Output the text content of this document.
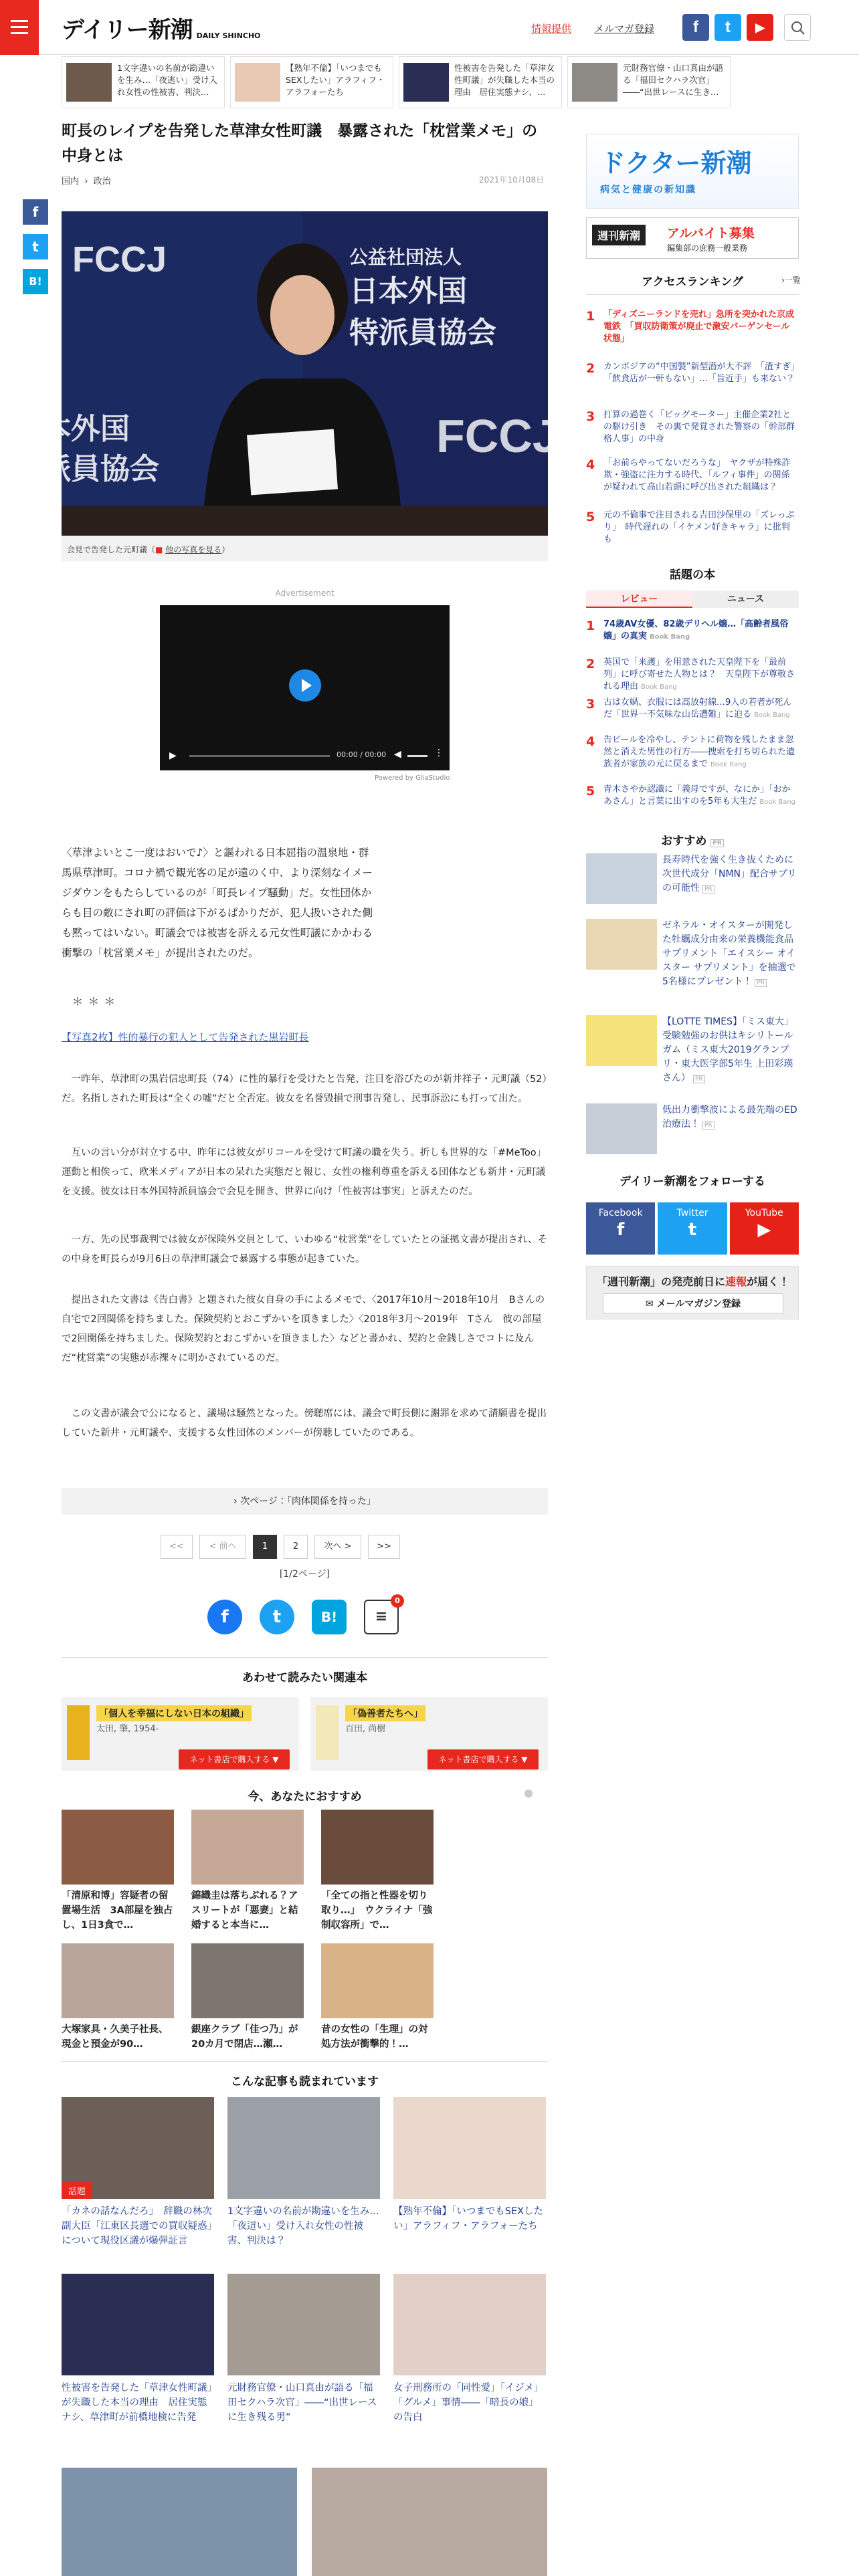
デイリー新潮 DAILY SHINCHO
情報提供 メルマガ登録	f	t	▶
1文字違いの名前が勘違いを生み…「夜逃い」受け入れ女性の性被害、判決…
【熟年不倫】「いつまでもSEXしたい」アラフィフ・アラフォーたち
性被害を告発した「草津女性町議」が失職した本当の理由　居住実態ナシ、…
元財務官僚・山口真由が語る「福田セクハラ次官」――“出世レースに生き…
町長のレイプを告発した草津女性町議　暴露された「枕営業メモ」の中身とは
国内  ›  政治	2021年10月08日
f
t
B!
FCCJ	公益社団法人
日本外国
特派員協会
本外国
派員協会
FCCJ
会見で告発した元町議（■ 他の写真を見る）
Advertisement
▶	00:00 / 00:00 ◀	⋮
Powered by GliaStudio

〈草津よいとこ一度はおいで♪〉と謳われる日本屈指の温泉地・群馬県草津町。コロナ禍で観光客の足が遠のく中、より深刻なイメージダウンをもたらしているのが「町長レイプ騒動」だ。女性団体からも目の敵にされ町の評価は下がるばかりだが、犯人扱いされた側も黙ってはいない。町議会では被害を訴える元女性町議にかかわる衝撃の「枕営業メモ」が提出されたのだ。

＊＊＊
【写真2枚】性的暴行の犯人として告発された黒岩町長

一昨年、草津町の黒岩信忠町長（74）に性的暴行を受けたと告発、注目を浴びたのが新井祥子・元町議（52）だ。名指しされた町長は“全くの嘘”だと全否定。彼女を名誉毀損で刑事告発し、民事訴訟にも打って出た。

互いの言い分が対立する中、昨年には彼女がリコールを受けて町議の職を失う。折しも世界的な「#MeToo」運動と相俟って、欧米メディアが日本の呆れた実態だと報じ、女性の権利尊重を訴える団体なども新井・元町議を支援。彼女は日本外国特派員協会で会見を開き、世界に向け「性被害は事実」と訴えたのだ。

一方、先の民事裁判では彼女が保険外交員として、いわゆる“枕営業”をしていたとの証拠文書が提出され、その中身を町長らが9月6日の草津町議会で暴露する事態が起きていた。

提出された文書は《告白書》と題された彼女自身の手によるメモで、〈2017年10月〜2018年10月　Bさんの自宅で2回関係を持ちました。保険契約とおこずかいを頂きました〉〈2018年3月〜2019年　Tさん　彼の部屋で2回関係を持ちました。保険契約とおこずかいを頂きました〉などと書かれ、契約と金銭しさでコトに及んだ“枕営業”の実態が赤裸々に明かされているのだ。

この文書が議会で公になると、議場は騒然となった。傍聴席には、議会で町長側に謝罪を求めて請願書を提出していた新井・元町議や、支援する女性団体のメンバーが傍聴していたのである。

› 次ページ：「肉体関係を持った」
<<	< 前へ	1	2	次へ >	>>
[1/2ページ]
f	t	B!	≡
0
あわせて読みたい関連本
「個人を幸福にしない日本の組織」
太田, 肇, 1954-
ネット書店で購入する ▼
「偽善者たちへ」
百田, 尚樹
ネット書店で購入する ▼
今、あなたにおすすめ
「清原和博」容疑者の留置場生活　3A部屋を独占し、1日3食で…
錦織圭は落ちぶれる？アスリートが「悪妻」と結婚すると本当に…
「全ての指と性器を切り取り…」　ウクライナ「強制収容所」で…
大塚家具・久美子社長、現金と預金が90…
銀座クラブ「佳つ乃」が20カ月で閉店…瀬…
昔の女性の「生理」の対処方法が衝撃的！…
こんな記事も読まれています
話題
「カネの話なんだろ」　辞職の林次副大臣「江東区長選での買収疑惑」について現役区議が爆弾証言
1文字違いの名前が勘違いを生み…「夜這い」受け入れ女性の性被害、判決は？
【熟年不倫】「いつまでもSEXしたい」アラフィフ・アラフォーたち
性被害を告発した「草津女性町議」が失職した本当の理由　居住実態ナシ、草津町が前橋地検に告発
元財務官僚・山口真由が語る「福田セクハラ次官」――“出世レースに生き残る男”
女子刑務所の「同性愛」「イジメ」「グルメ」事情――「暗長の娘」の告白
ドクター新潮
病気と健康の新知識
週刊新潮	アルバイト募集
編集部の庶務一般業務
アクセスランキング	›一覧
1 「ディズニーランドを売れ」急所を突かれた京成電鉄　「買収防衛策が廃止で激安バーゲンセール状態」
2 カンボジアの“中国製”新型潜が大不評　「渣すぎ」「飲食店が一軒もない」…「旨近手」も来ない？
3 打算の過巻く「ビッグモーター」主催企業2社との駆け引き　その裏で発覚された警察の「幹部群格人事」の中身
4 「お前らやってないだろうな」　ヤクザが特殊詐欺・強盗に注力する時代、「ルフィ事件」の関係が疑われて高山若頭に呼び出された組織は？
5 元の不倫事で注目される吉田沙保里の「ズレっぷり」　時代遅れの「イケメン好きキャラ」に批判も
話題の本
レビュー	ニュース
1 74歳AV女優、82歳デリヘル嬢…「高齢者風俗嬢」の真実 Book Bang
2 英国で「来護」を用意された天皇陛下を「最前列」に呼び寄せた人物とは？　天皇陛下が尊敬される理由 Book Bang
3 古は女媧、衣服には高放射線…9人の若者が死んだ「世界一不気味な山岳遭難」に迫る Book Bang
4 告ビールを冷やし、テントに荷物を残したまま忽然と消えた男性の行方――捜索を打ち切られた遺族者が家族の元に戻るまで Book Bang
5 青木さやか認識に「義母ですが、なにか」「おかあさん」と言葉に出すのを5年も大生だ Book Bang
おすすめ PR
長寿時代を強く生き抜くために　次世代成分「NMN」配合サプリの可能性 PR
ゼネラル・オイスターが開発した牡蠣成分由来の栄養機能食品サプリメント「エイスシー オイスター サプリメント」を抽選で5名様にプレゼント！ PR
【LOTTE TIMES】「ミス東大」受験勉強のお供はキシリトールガム（ミス東大2019グランプリ・東大医学部5年生 上田彩瑛さん） PR
低出力衝撃波による最先端のED治療法！ PR
デイリー新潮をフォローする
Facebook
f
Twitter
t
YouTube
▶
「週刊新潮」の発売前日に速報が届く！
✉ メールマガジン登録
